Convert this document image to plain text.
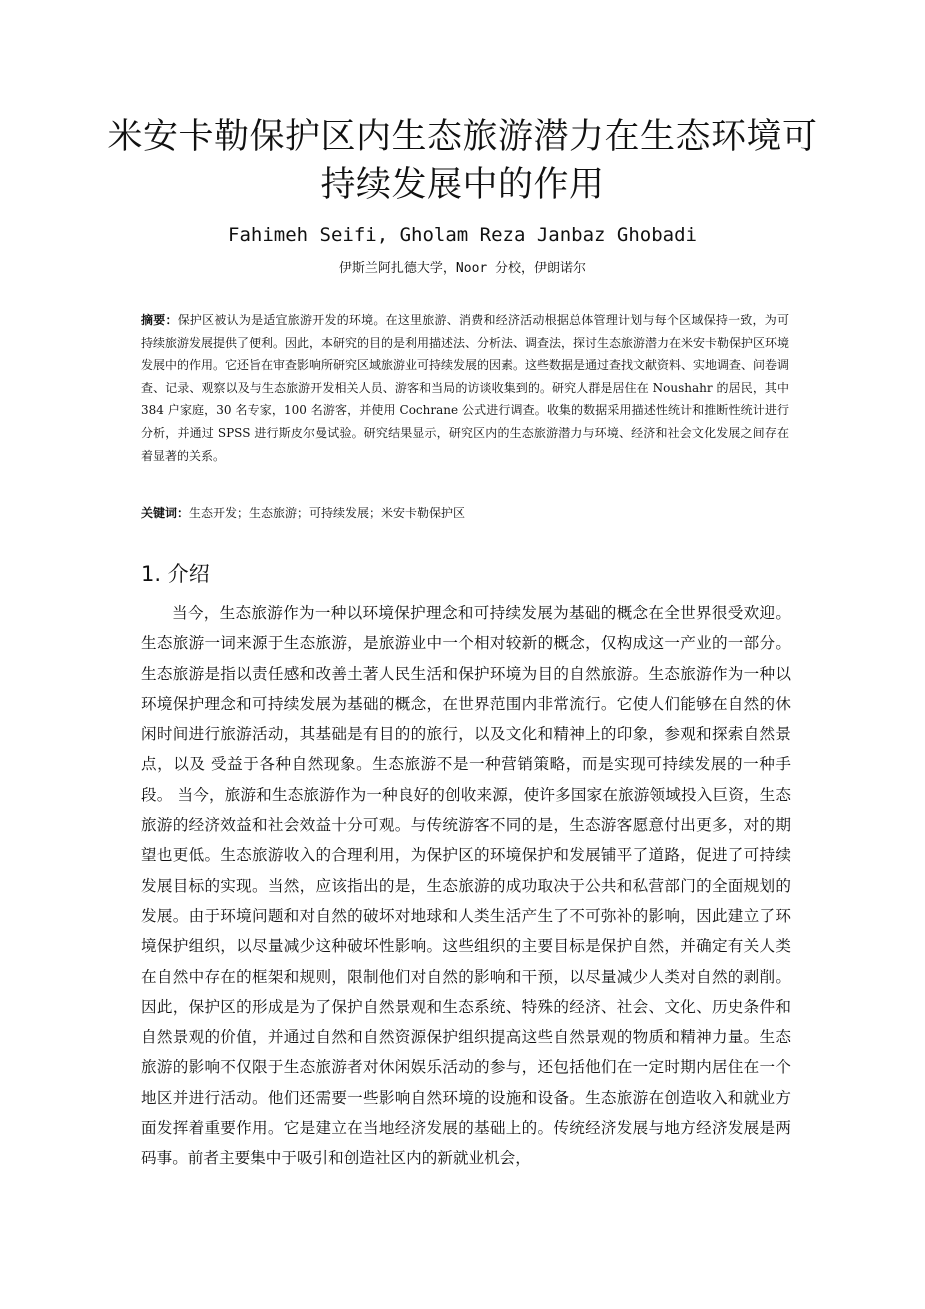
米安卡勒保护区内生态旅游潜力在生态环境可持续发展中的作用
Fahimeh Seifi, Gholam Reza Janbaz Ghobadi
伊斯兰阿扎德大学，Noor 分校，伊朗诺尔

摘要：保护区被认为是适宜旅游开发的环境。在这里旅游、消费和经济活动根据总体管理计划与每个区域保持一致，为可持续旅游发展提供了便利。因此，本研究的目的是利用描述法、分析法、调查法，探讨生态旅游潜力在米安卡勒保护区环境发展中的作用。它还旨在审查影响所研究区域旅游业可持续发展的因素。这些数据是通过查找文献资料、实地调查、问卷调查、记录、观察以及与生态旅游开发相关人员、游客和当局的访谈收集到的。研究人群是居住在 Noushahr 的居民，其中 384 户家庭，30 名专家，100 名游客，并使用 Cochrane 公式进行调查。收集的数据采用描述性统计和推断性统计进行分析，并通过 SPSS 进行斯皮尔曼试验。研究结果显示，研究区内的生态旅游潜力与环境、经济和社会文化发展之间存在着显著的关系。

关键词：生态开发；生态旅游；可持续发展；米安卡勒保护区
1. 介绍

当今，生态旅游作为一种以环境保护理念和可持续发展为基础的概念在全世界很受欢迎。生态旅游一词来源于生态旅游，是旅游业中一个相对较新的概念，仅构成这一产业的一部分。生态旅游是指以责任感和改善土著人民生活和保护环境为目的自然旅游。生态旅游作为一种以环境保护理念和可持续发展为基础的概念，在世界范围内非常流行。它使人们能够在自然的休闲时间进行旅游活动，其基础是有目的的旅行，以及文化和精神上的印象，参观和探索自然景点，以及 受益于各种自然现象。生态旅游不是一种营销策略，而是实现可持续发展的一种手段。 当今，旅游和生态旅游作为一种良好的创收来源，使许多国家在旅游领域投入巨资，生态旅游的经济效益和社会效益十分可观。与传统游客不同的是，生态游客愿意付出更多，对的期望也更低。生态旅游收入的合理利用，为保护区的环境保护和发展铺平了道路，促进了可持续发展目标的实现。当然，应该指出的是，生态旅游的成功取决于公共和私营部门的全面规划的发展。由于环境问题和对自然的破坏对地球和人类生活产生了不可弥补的影响，因此建立了环境保护组织，以尽量减少这种破坏性影响。这些组织的主要目标是保护自然，并确定有关人类在自然中存在的框架和规则，限制他们对自然的影响和干预，以尽量减少人类对自然的剥削。因此，保护区的形成是为了保护自然景观和生态系统、特殊的经济、社会、文化、历史条件和自然景观的价值，并通过自然和自然资源保护组织提高这些自然景观的物质和精神力量。生态旅游的影响不仅限于生态旅游者对休闲娱乐活动的参与，还包括他们在一定时期内居住在一个地区并进行活动。他们还需要一些影响自然环境的设施和设备。生态旅游在创造收入和就业方面发挥着重要作用。它是建立在当地经济发展的基础上的。传统经济发展与地方经济发展是两码事。前者主要集中于吸引和创造社区内的新就业机会，
